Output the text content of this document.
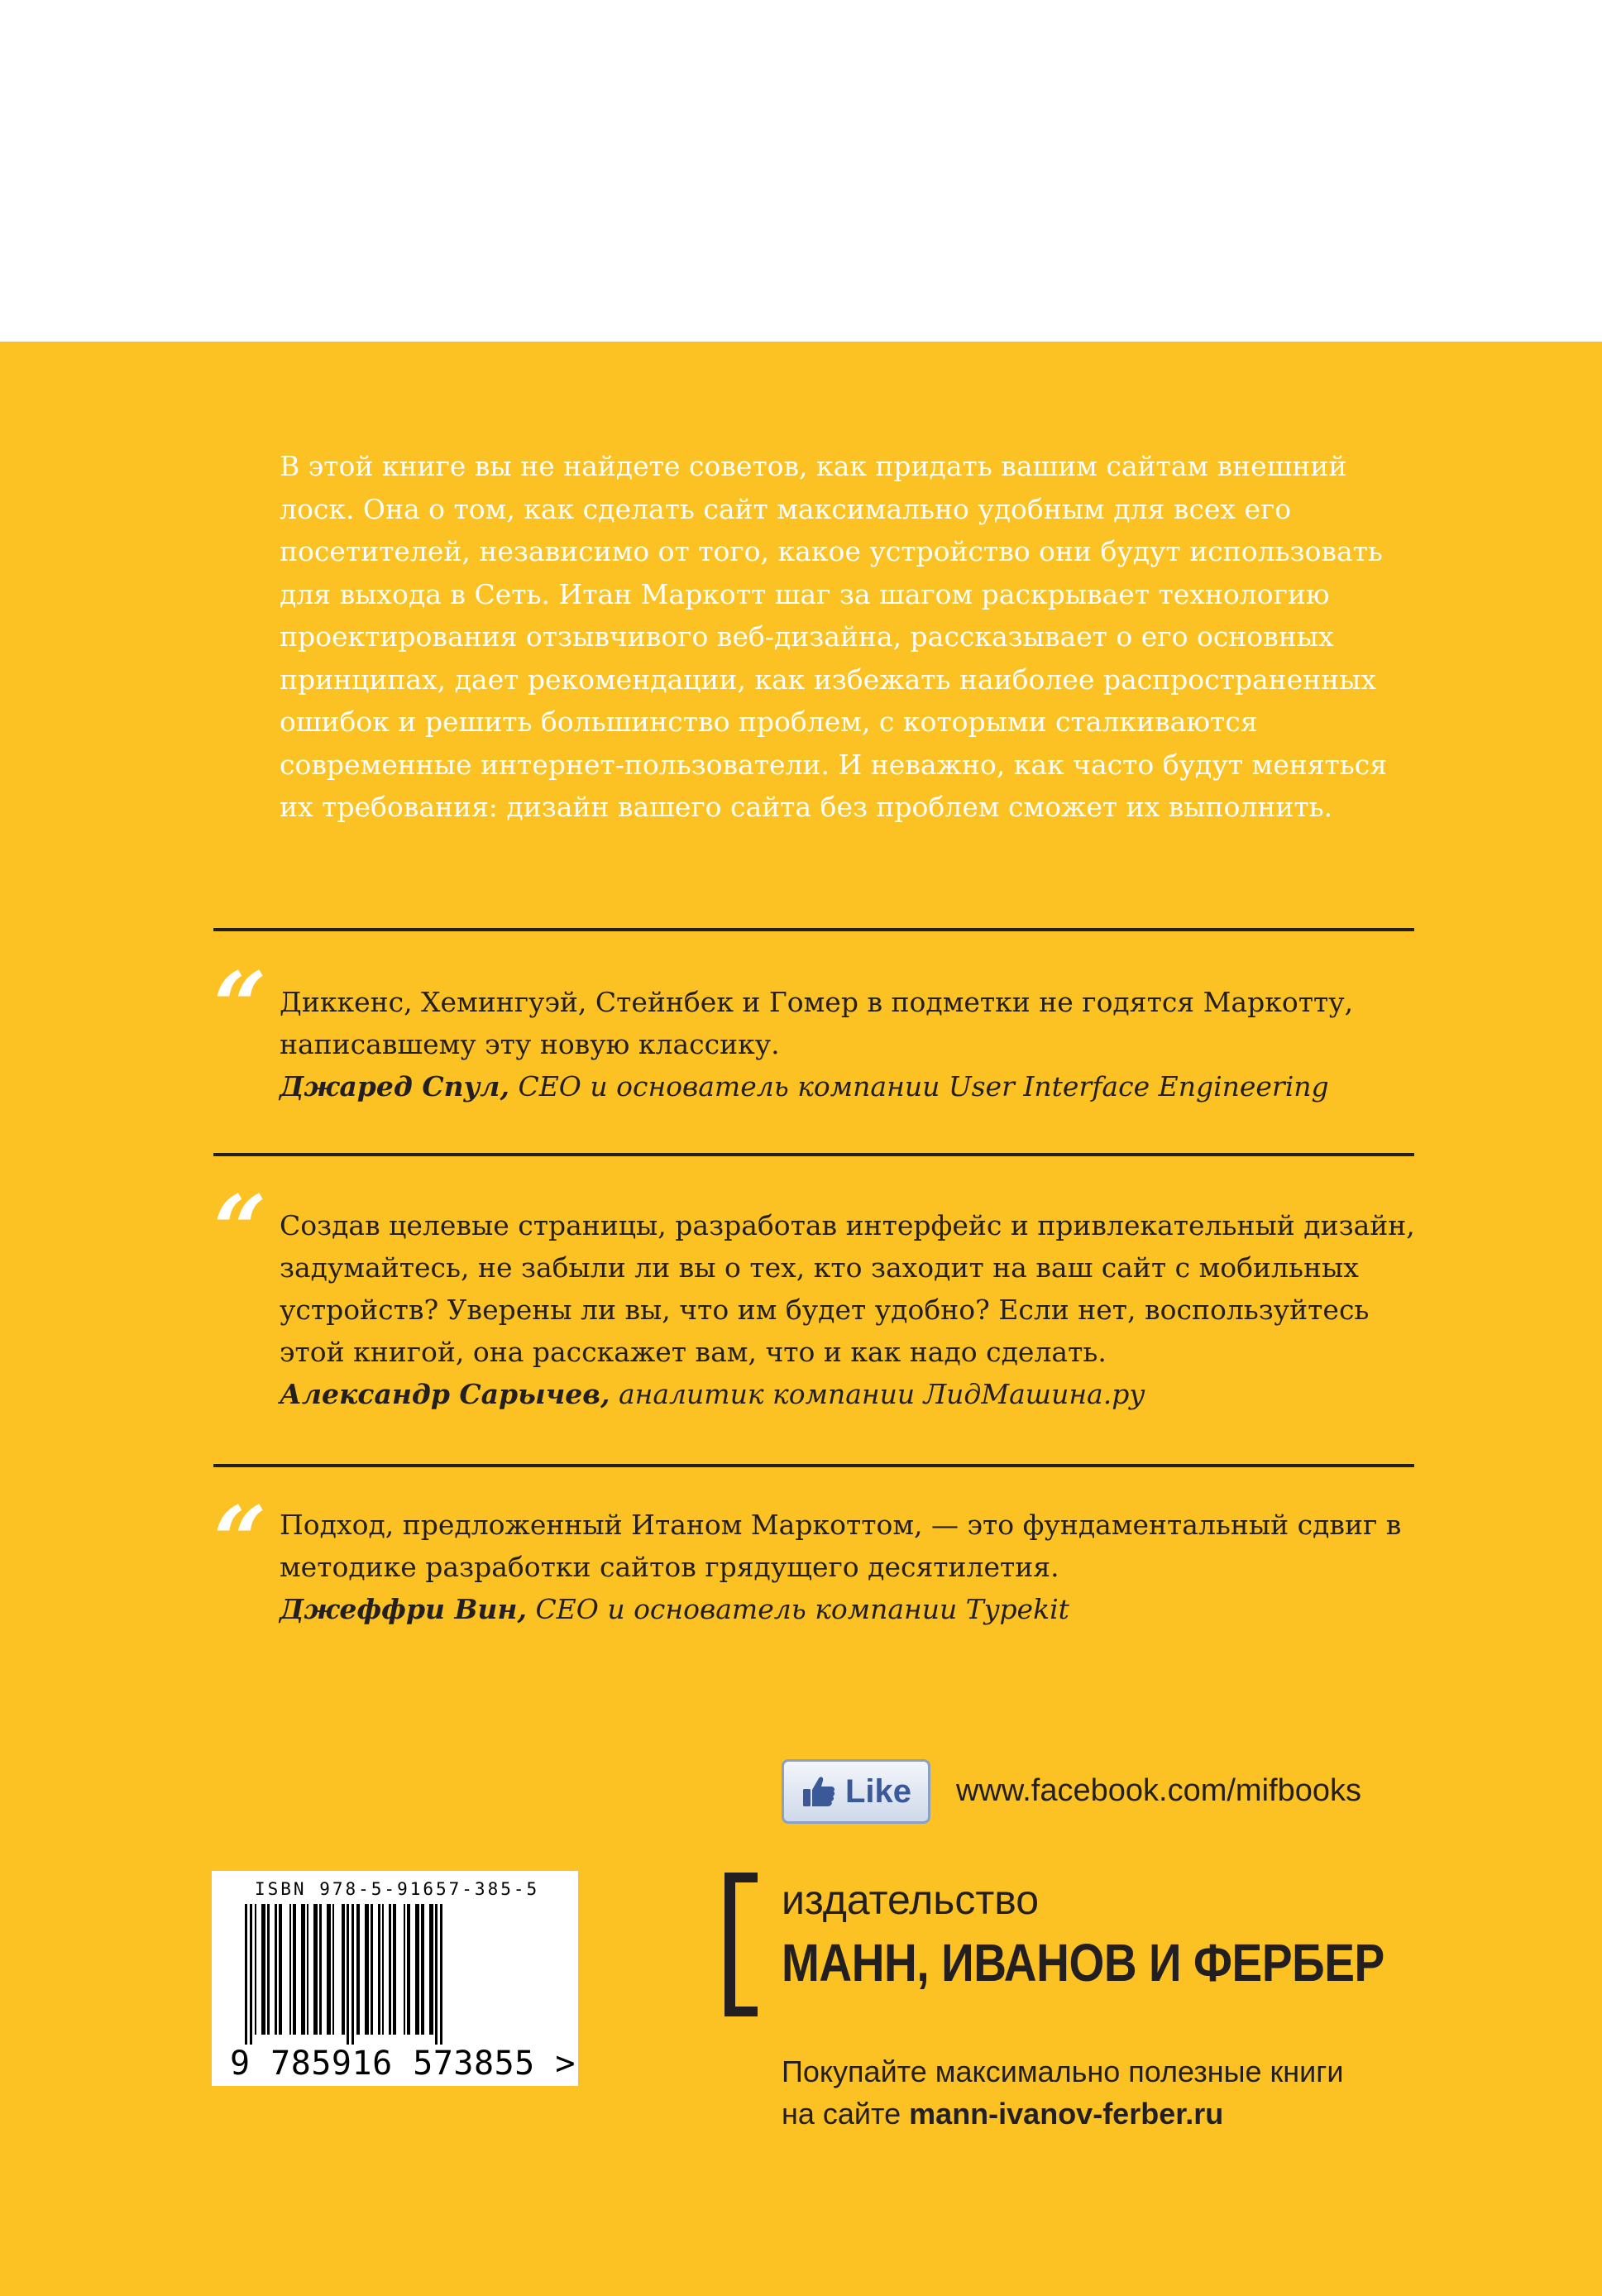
В этой книге вы не найдете советов, как придать вашим сайтам внешний лоск. Она о том, как сделать сайт максимально удобным для всех его посетителей, независимо от того, какое устройство они будут использовать для выхода в Сеть. Итан Маркотт шаг за шагом раскрывает технологию проектирования отзывчивого веб-дизайна, рассказывает о его основных принципах, дает рекомендации, как избежать наиболее распространенных ошибок и решить большинство проблем, с которыми сталкиваются современные интернет-пользователи. И неважно, как часто будут меняться их требования: дизайн вашего сайта без проблем сможет их выполнить.

“ Диккенс, Хемингуэй, Стейнбек и Гомер в подметки не годятся Маркотту, написавшему эту новую классику.
Джаред Спул, CEO и основатель компании User Interface Engineering

“ Создав целевые страницы, разработав интерфейс и привлекательный дизайн, задумайтесь, не забыли ли вы о тех, кто заходит на ваш сайт с мобильных устройств? Уверены ли вы, что им будет удобно? Если нет, воспользуйтесь этой книгой, она расскажет вам, что и как надо сделать.
Александр Сарычев, аналитик компании ЛидМашина.ру

“ Подход, предложенный Итаном Маркоттом, — это фундаментальный сдвиг в методике разработки сайтов грядущего десятилетия.
Джеффри Вин, CEO и основатель компании Typekit

Like www.facebook.com/mifbooks
ISBN 978-5-91657-385-5
9 785916 573855 >
издательство
МАНН, ИВАНОВ И ФЕРБЕР
Покупайте максимально полезные книги
на сайте mann-ivanov-ferber.ru
